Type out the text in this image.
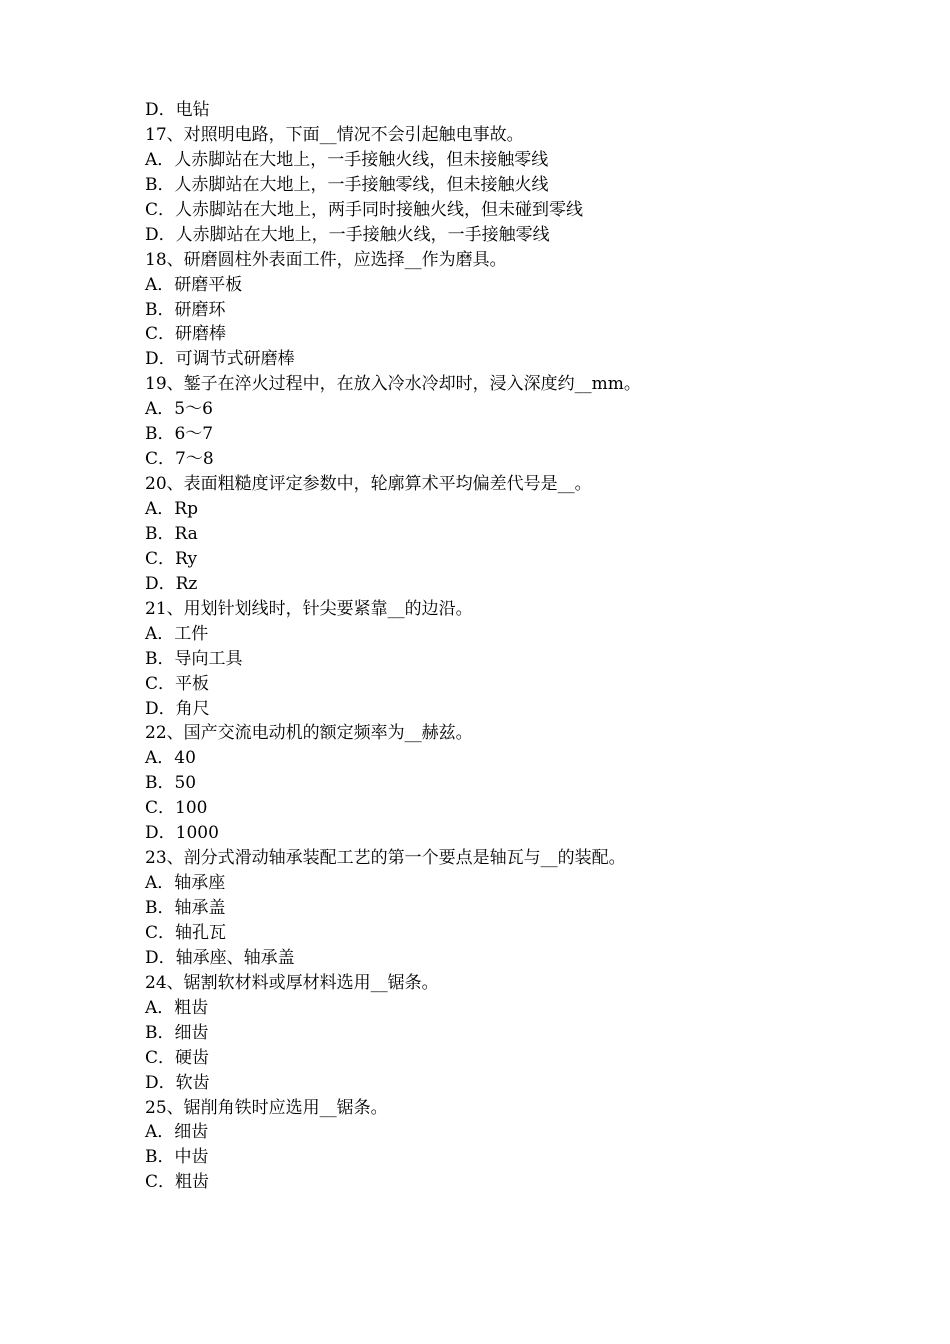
D．电钻
17、对照明电路，下面__情况不会引起触电事故。
A．人赤脚站在大地上，一手接触火线，但未接触零线
B．人赤脚站在大地上，一手接触零线，但未接触火线
C．人赤脚站在大地上，两手同时接触火线，但未碰到零线
D．人赤脚站在大地上，一手接触火线，一手接触零线
18、研磨圆柱外表面工件，应选择__作为磨具。
A．研磨平板
B．研磨环
C．研磨棒
D．可调节式研磨棒
19、錾子在淬火过程中，在放入冷水冷却时，浸入深度约__mm。
A．5～6
B．6～7
C．7～8
20、表面粗糙度评定参数中，轮廓算术平均偏差代号是__。
A．Rp
B．Ra
C．Ry
D．Rz
21、用划针划线时，针尖要紧靠__的边沿。
A．工件
B．导向工具
C．平板
D．角尺
22、国产交流电动机的额定频率为__赫兹。
A．40
B．50
C．100
D．1000
23、剖分式滑动轴承装配工艺的第一个要点是轴瓦与__的装配。
A．轴承座
B．轴承盖
C．轴孔瓦
D．轴承座、轴承盖
24、锯割软材料或厚材料选用__锯条。
A．粗齿
B．细齿
C．硬齿
D．软齿
25、锯削角铁时应选用__锯条。
A．细齿
B．中齿
C．粗齿
